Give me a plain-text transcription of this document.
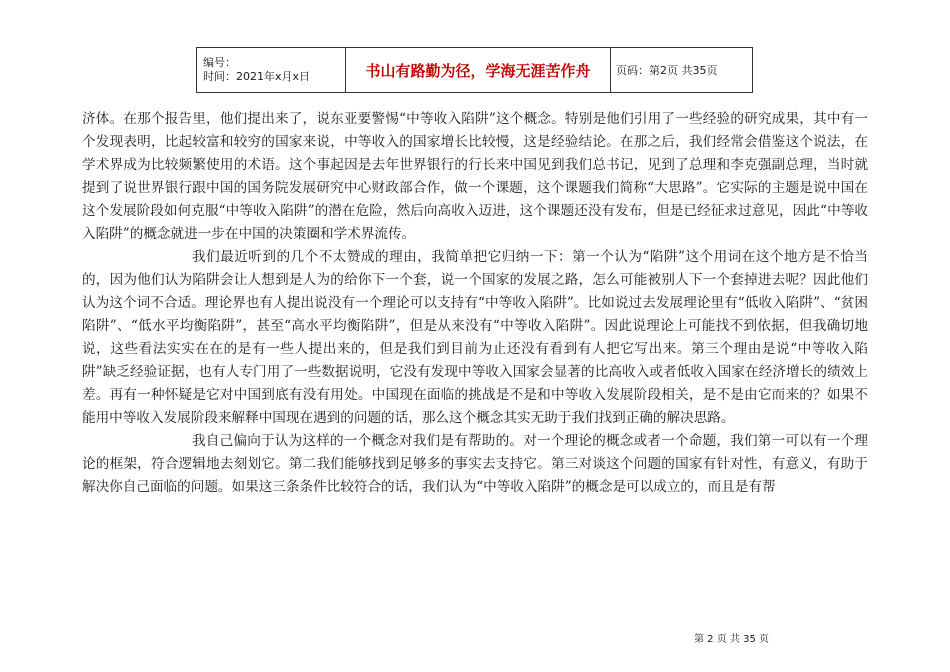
编号：
时间：2021年x月x日	书山有路勤为径，学海无涯苦作舟	页码：第2页 共35页

济体。在那个报告里，他们提出来了，说东亚要警惕“中等收入陷阱”这个概念。特别是他们引用了一些经验的研究成果，其中有一个发现表明，比起较富和较穷的国家来说，中等收入的国家增长比较慢，这是经验结论。在那之后，我们经常会借鉴这个说法，在学术界成为比较频繁使用的术语。这个事起因是去年世界银行的行长来中国见到我们总书记，见到了总理和李克强副总理，当时就提到了说世界银行跟中国的国务院发展研究中心财政部合作，做一个课题，这个课题我们简称“大思路”。它实际的主题是说中国在这个发展阶段如何克服“中等收入陷阱”的潜在危险，然后向高收入迈进，这个课题还没有发布，但是已经征求过意见，因此“中等收入陷阱”的概念就进一步在中国的决策圈和学术界流传。

我们最近听到的几个不太赞成的理由，我简单把它归纳一下：第一个认为“陷阱”这个用词在这个地方是不恰当的，因为他们认为陷阱会让人想到是人为的给你下一个套，说一个国家的发展之路，怎么可能被别人下一个套掉进去呢？因此他们认为这个词不合适。理论界也有人提出说没有一个理论可以支持有“中等收入陷阱”。比如说过去发展理论里有“低收入陷阱”、“贫困陷阱”、“低水平均衡陷阱”，甚至“高水平均衡陷阱”，但是从来没有“中等收入陷阱”。因此说理论上可能找不到依据，但我确切地说，这些看法实实在在的是有一些人提出来的，但是我们到目前为止还没有看到有人把它写出来。第三个理由是说“中等收入陷阱”缺乏经验证据，也有人专门用了一些数据说明，它没有发现中等收入国家会显著的比高收入或者低收入国家在经济增长的绩效上差。再有一种怀疑是它对中国到底有没有用处。中国现在面临的挑战是不是和中等收入发展阶段相关，是不是由它而来的？如果不能用中等收入发展阶段来解释中国现在遇到的问题的话，那么这个概念其实无助于我们找到正确的解决思路。

我自己偏向于认为这样的一个概念对我们是有帮助的。对一个理论的概念或者一个命题，我们第一可以有一个理论的框架，符合逻辑地去刻划它。第二我们能够找到足够多的事实去支持它。第三对谈这个问题的国家有针对性，有意义，有助于解决你自己面临的问题。如果这三条条件比较符合的话，我们认为“中等收入陷阱”的概念是可以成立的，而且是有帮

第 2 页 共 35 页
